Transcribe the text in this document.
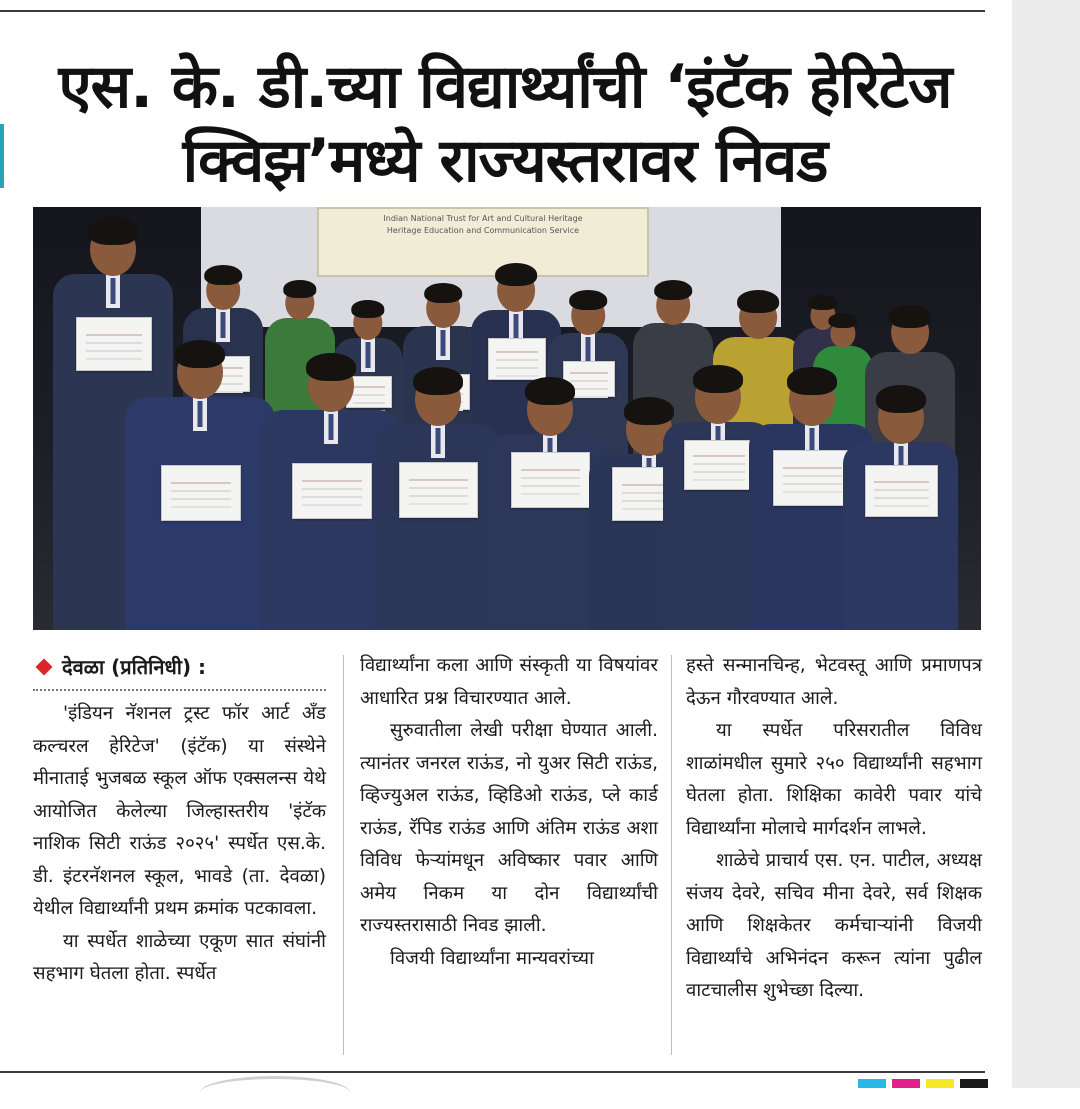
एस. के. डी.च्या विद्यार्थ्यांची ‘इंटॅक हेरिटेज
क्विझ’मध्ये राज्यस्तरावर निवड
Indian National Trust for Art and Cultural Heritage
Heritage Education and Communication Service
देवळा (प्रतिनिधी) :

'इंडियन नॅशनल ट्रस्ट फॉर आर्ट अँड कल्चरल हेरिटेज' (इंटॅक) या संस्थेने मीनाताई भुजबळ स्कूल ऑफ एक्सलन्स येथे आयोजित केलेल्या जिल्हास्तरीय 'इंटॅक नाशिक सिटी राऊंड २०२५' स्पर्धेत एस.के. डी. इंटरनॅशनल स्कूल, भावडे (ता. देवळा) येथील विद्यार्थ्यांनी प्रथम क्रमांक पटकावला.

या स्पर्धेत शाळेच्या एकूण सात संघांनी सहभाग घेतला होता. स्पर्धेत

विद्यार्थ्यांना कला आणि संस्कृती या विषयांवर आधारित प्रश्न विचारण्यात आले.

सुरुवातीला लेखी परीक्षा घेण्यात आली. त्यानंतर जनरल राऊंड, नो युअर सिटी राऊंड, व्हिज्युअल राऊंड, व्हिडिओ राऊंड, प्ले कार्ड राऊंड, रॅपिड राऊंड आणि अंतिम राऊंड अशा विविध फेऱ्यांमधून अविष्कार पवार आणि अमेय निकम या दोन विद्यार्थ्यांची राज्यस्तरासाठी निवड झाली.

विजयी विद्यार्थ्यांना मान्यवरांच्या

हस्ते सन्मानचिन्ह, भेटवस्तू आणि प्रमाणपत्र देऊन गौरवण्यात आले.

या स्पर्धेत परिसरातील विविध शाळांमधील सुमारे २५० विद्यार्थ्यांनी सहभाग घेतला होता. शिक्षिका कावेरी पवार यांचे विद्यार्थ्यांना मोलाचे मार्गदर्शन लाभले.

शाळेचे प्राचार्य एस. एन. पाटील, अध्यक्ष संजय देवरे, सचिव मीना देवरे, सर्व शिक्षक आणि शिक्षकेतर कर्मचाऱ्यांनी विजयी विद्यार्थ्यांचे अभिनंदन करून त्यांना पुढील वाटचालीस शुभेच्छा दिल्या.
